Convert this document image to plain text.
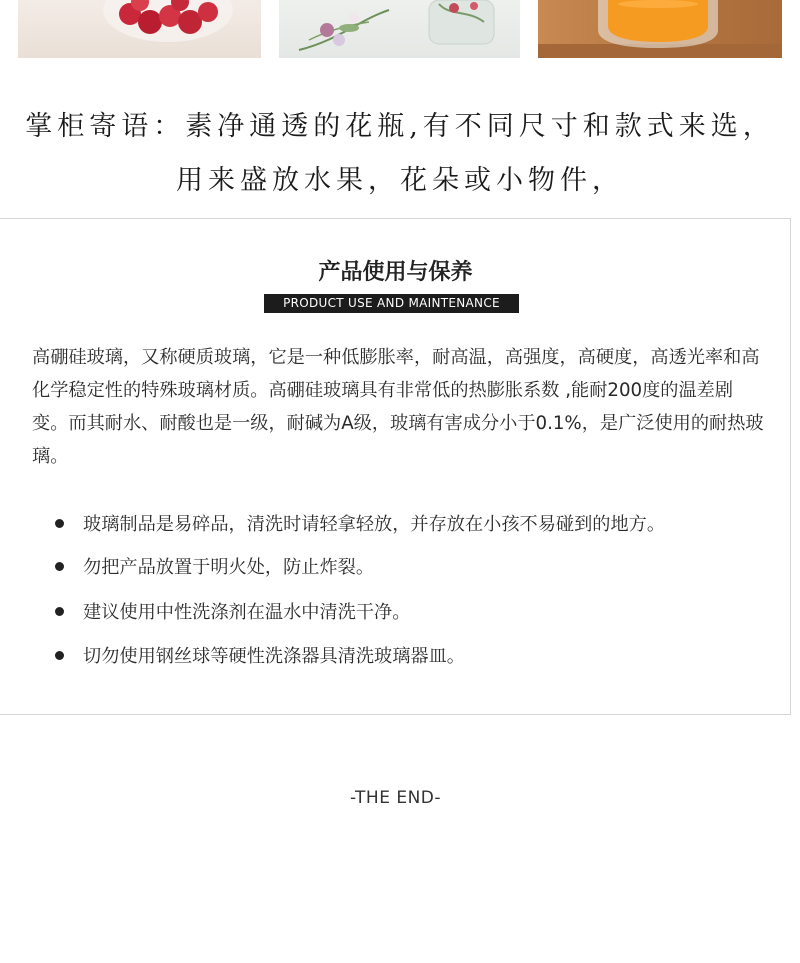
掌柜寄语：素净通透的花瓶,有不同尺寸和款式来选，

用来盛放水果，花朵或小物件，

产品使用与保养
PRODUCT USE AND MAINTENANCE

高硼硅玻璃，又称硬质玻璃，它是一种低膨胀率，耐高温，高强度，高硬度，高透光率和高化学稳定性的特殊玻璃材质。高硼硅玻璃具有非常低的热膨胀系数 ,能耐200度的温差剧变。而其耐水、耐酸也是一级，耐碱为A级，玻璃有害成分小于0.1%，是广泛使用的耐热玻璃。

玻璃制品是易碎品，清洗时请轻拿轻放，并存放在小孩不易碰到的地方。
勿把产品放置于明火处，防止炸裂。
建议使用中性洗涤剂在温水中清洗干净。
切勿使用钢丝球等硬性洗涤器具清洗玻璃器皿。
-THE END-
